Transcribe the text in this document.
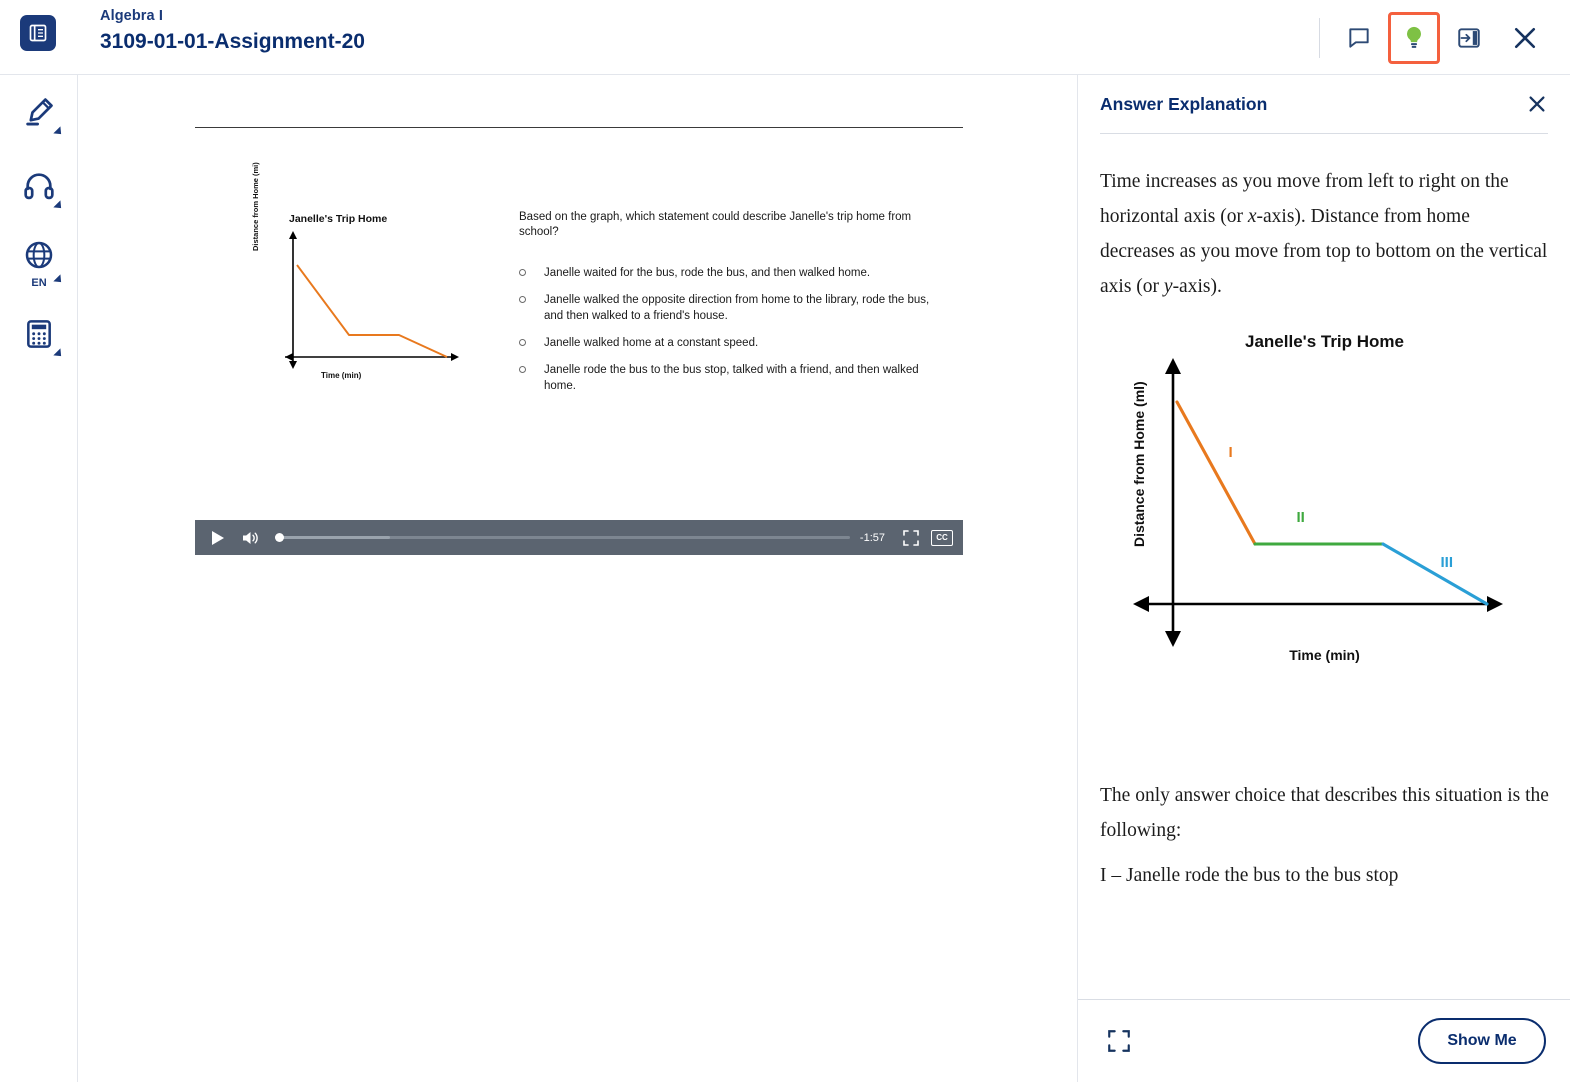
Algebra I
3109-01-01-Assignment-20
EN
Janelle's Trip Home
Distance from Home (mi)
Time (min)
Based on the graph, which statement could describe Janelle's trip home from school?
Janelle waited for the bus, rode the bus, and then walked home.
Janelle walked the opposite direction from home to the library, rode the bus, and then walked to a friend's house.
Janelle walked home at a constant speed.
Janelle rode the bus to the bus stop, talked with a friend, and then walked home.
-1:57	CC
Answer Explanation

Time increases as you move from left to right on the horizontal axis (or x-axis). Distance from home decreases as you move from top to bottom on the vertical axis (or y-axis).

Janelle's Trip Home
Distance from Home (ml)
Time (min)
I
II
III

The only answer choice that describes this situation is the following:

I – Janelle rode the bus to the bus stop

Show Me
